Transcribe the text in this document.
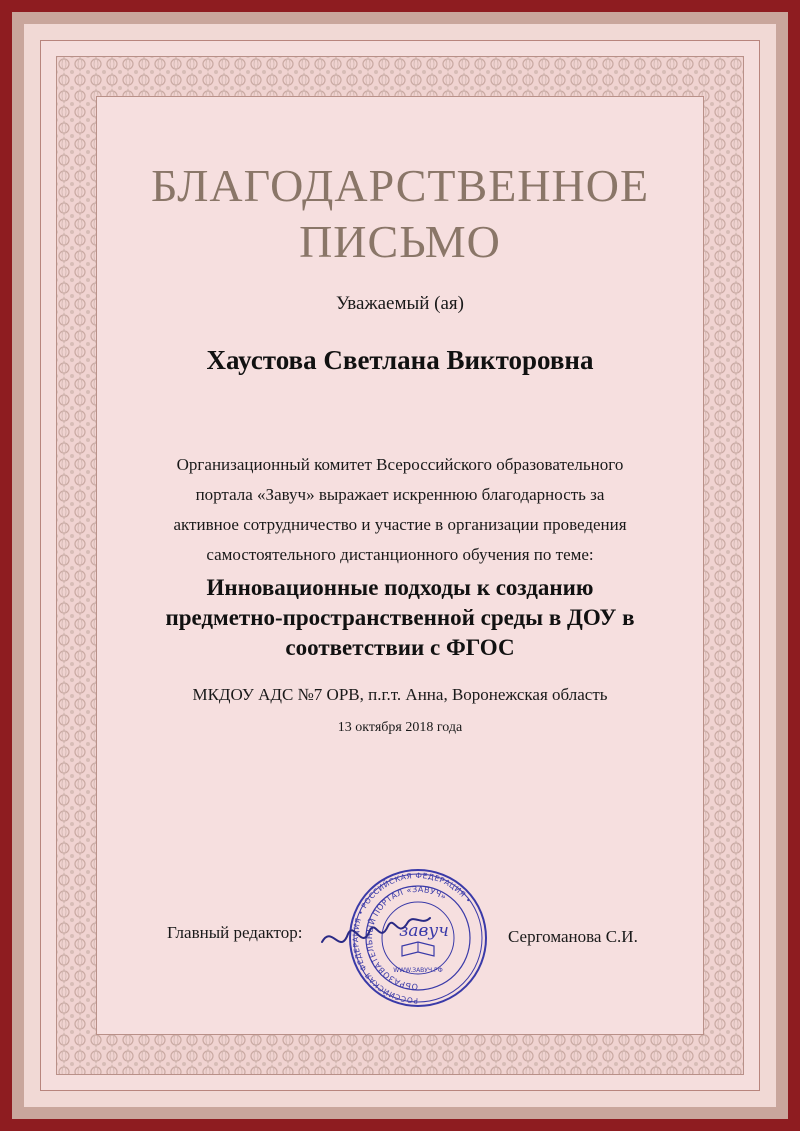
БЛАГОДАРСТВЕННОЕ
ПИСЬМО
Уважаемый (ая)
Хаустова Светлана Викторовна
Организационный комитет Всероссийского образовательного
портала «Завуч» выражает искреннюю благодарность за
активное сотрудничество и участие в организации проведения
самостоятельного дистанционного обучения по теме:
Инновационные подходы к созданию
предметно-пространственной среды в ДОУ в
соответствии с ФГОС
МКДОУ АДС №7 ОРВ, п.г.т. Анна, Воронежская область
13 октября 2018 года
Главный редактор:
РОССИЙСКАЯ ФЕДЕРАЦИЯ • РОССИЙСКАЯ ФЕДЕРАЦИЯ •
ОБРАЗОВАТЕЛЬНЫЙ ПОРТАЛ «ЗАВУЧ»
завуч
WWW.ЗАВУЧ.РФ
Сергоманова С.И.
